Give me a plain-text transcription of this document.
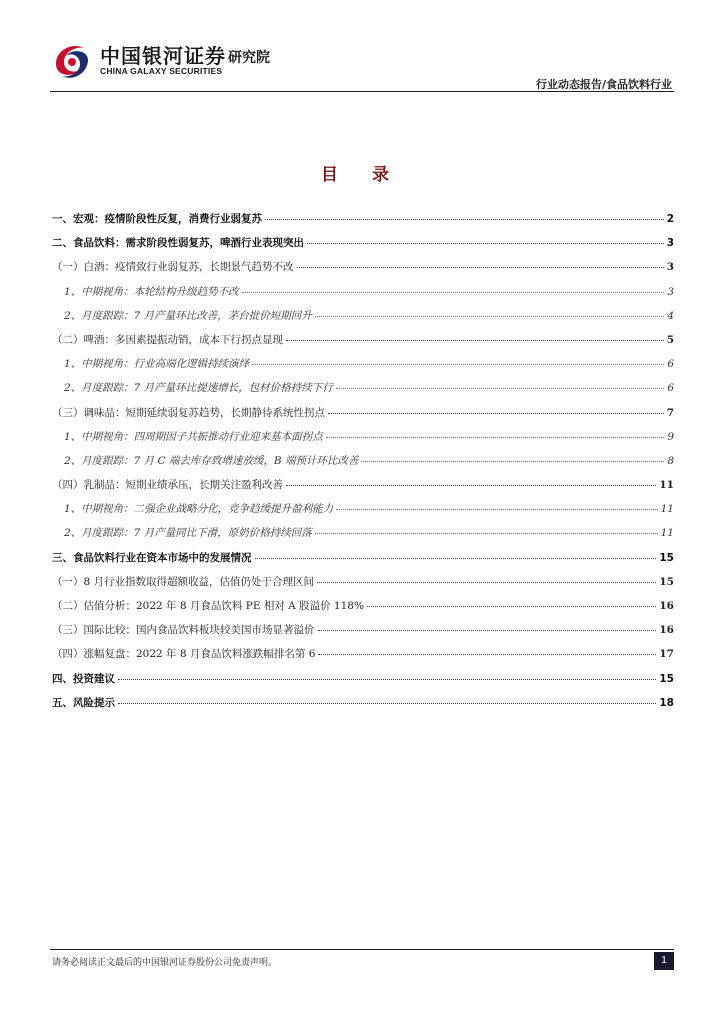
中国银河证券
CHINA GALAXY SECURITIES
研究院
行业动态报告/食品饮料行业
目 录
一、宏观：疫情阶段性反复，消费行业弱复苏	2
二、食品饮料：需求阶段性弱复苏，啤酒行业表现突出	3
（一）白酒：疫情致行业弱复苏，长期景气趋势不改	3
1、中期视角：本轮结构升级趋势不改	3
2、月度跟踪：7 月产量环比改善，茅台批价短期回升	4
（二）啤酒：多因素提振动销，成本下行拐点显现	5
1、中期视角：行业高端化逻辑持续演绎	6
2、月度跟踪：7 月产量环比提速增长，包材价格持续下行	6
（三）调味品：短期延续弱复苏趋势，长期静待系统性拐点	7
1、中期视角：四周期因子共振推动行业迎来基本面拐点	9
2、月度跟踪：7 月 C 端去库存致增速放缓，B 端预计环比改善	8
（四）乳制品：短期业绩承压，长期关注盈利改善	11
1、中期视角：二强企业战略分化，竞争趋缓提升盈利能力	11
2、月度跟踪：7 月产量同比下滑，原奶价格持续回落	11
三、食品饮料行业在资本市场中的发展情况	15
（一）8 月行业指数取得超额收益，估值仍处于合理区间	15
（二）估值分析：2022 年 8 月食品饮料 PE 相对 A 股溢价 118%	16
（三）国际比较：国内食品饮料板块较美国市场显著溢价	16
（四）涨幅复盘：2022 年 8 月食品饮料涨跌幅排名第 6	17
四、投资建议	15
五、风险提示	18
请务必阅读正文最后的中国银河证券股份公司免责声明。	1
